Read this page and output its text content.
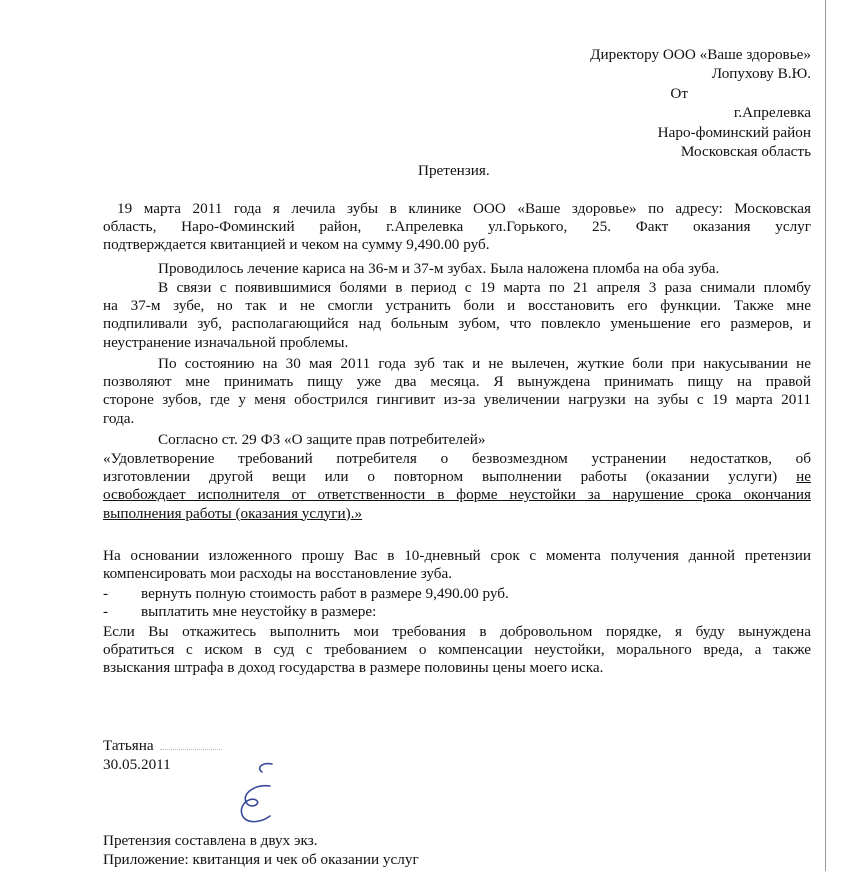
Директору ООО «Ваше здоровье»
Лопухову В.Ю.
От
г.Апрелевка
Наро-фоминский район
Московская область
Претензия.
19 марта 2011 года я лечила зубы в клинике ООО «Ваше здоровье» по адресу: Московская
область, Наро-Фоминский район, г.Апрелевка ул.Горького, 25. Факт оказания услуг
подтверждается квитанцией и чеком на сумму 9,490.00 руб.
Проводилось лечение кариса на 36-м и 37-м зубах. Была наложена пломба на оба зуба.
В связи с появившимися болями в период с 19 марта по 21 апреля 3 раза снимали пломбу
на 37-м зубе, но так и не смогли устранить боли и восстановить его функции. Также мне
подпиливали зуб, располагающийся над больным зубом, что повлекло уменьшение его размеров, и
неустранение изначальной проблемы.
По состоянию на 30 мая 2011 года зуб так и не вылечен, жуткие боли при накусывании не
позволяют мне принимать пищу уже два месяца. Я вынуждена принимать пищу на правой
стороне зубов, где у меня обострился гингивит из-за увеличении нагрузки на зубы с 19 марта 2011
года.
Согласно ст. 29 ФЗ «О защите прав потребителей»
«Удовлетворение требований потребителя о безвозмездном устранении недостатков, об
изготовлении другой вещи или о повторном выполнении работы (оказании услуги) не
освобождает исполнителя от ответственности в форме неустойки за нарушение срока окончания
выполнения работы (оказания услуги).»
На основании изложенного прошу Вас в 10-дневный срок с момента получения данной претензии
компенсировать мои расходы на восстановление зуба.
- вернуть полную стоимость работ в размере 9,490.00 руб.
- выплатить мне неустойку в размере:
Если Вы откажитесь выполнить мои требования в добровольном порядке, я буду вынуждена
обратиться с иском в суд с требованием о компенсации неустойки, морального вреда, а также
взыскания штрафа в доход государства в размере половины цены моего иска.
Татьяна
30.05.2011
Претензия составлена в двух экз.
Приложение: квитанция и чек об оказании услуг
